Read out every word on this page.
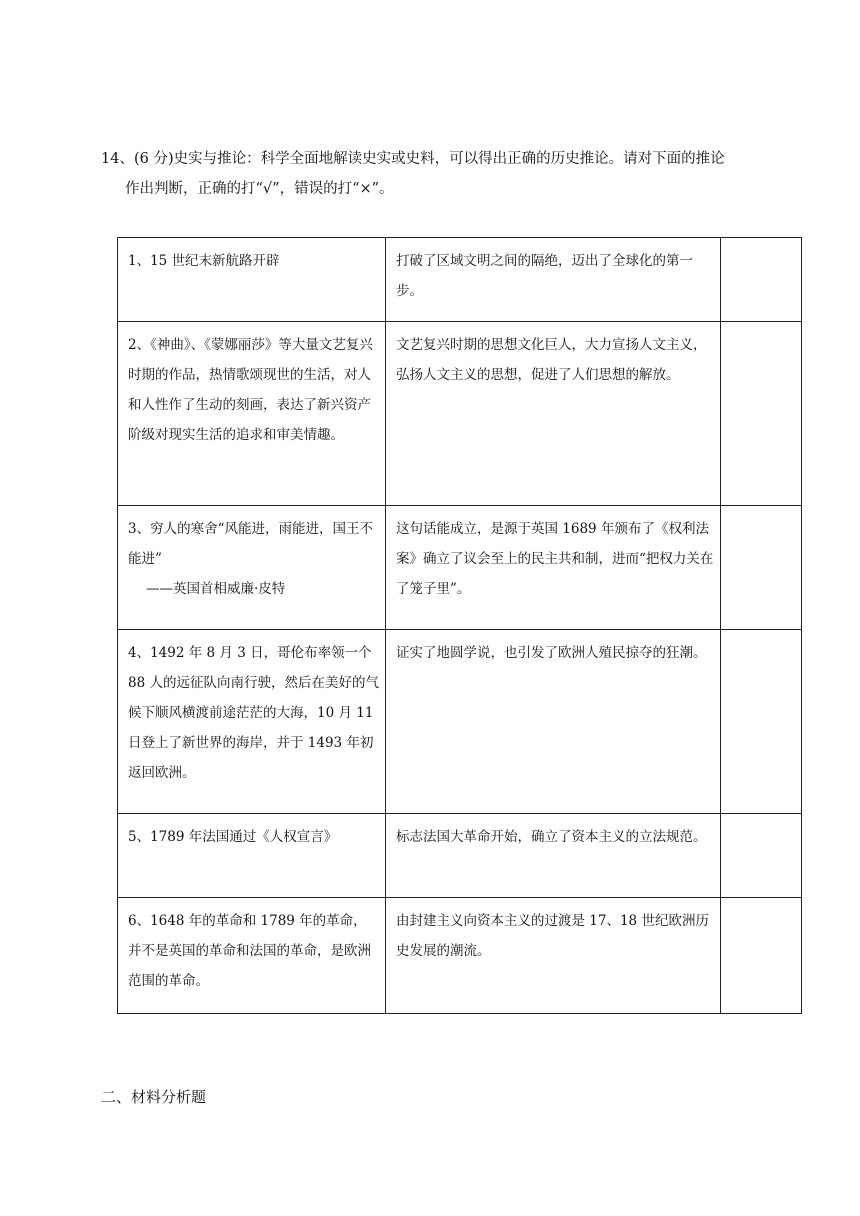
14、(6 分)史实与推论：科学全面地解读史实或史料，可以得出正确的历史推论。请对下面的推论
作出判断，正确的打“√”，错误的打“×”。
1、15 世纪末新航路开辟	打破了区域文明之间的隔绝，迈出了全球化的第一步。	
2、《神曲》、《蒙娜丽莎》等大量文艺复兴时期的作品，热情歌颂现世的生活，对人和人性作了生动的刻画，表达了新兴资产阶级对现实生活的追求和审美情趣。	文艺复兴时期的思想文化巨人，大力宣扬人文主义，弘扬人文主义的思想，促进了人们思想的解放。	
3、穷人的寒舍“风能进，雨能进，国王不能进”
——英国首相威廉·皮特	这句话能成立，是源于英国 1689 年颁布了《权利法案》确立了议会至上的民主共和制，进而“把权力关在了笼子里”。	
4、1492 年 8 月 3 日，哥伦布率领一个 88 人的远征队向南行驶，然后在美好的气候下顺风横渡前途茫茫的大海，10 月 11 日登上了新世界的海岸，并于 1493 年初返回欧洲。	证实了地圆学说，也引发了欧洲人殖民掠夺的狂潮。	
5、1789 年法国通过《人权宣言》	标志法国大革命开始，确立了资本主义的立法规范。	
6、1648 年的革命和 1789 年的革命，并不是英国的革命和法国的革命，是欧洲范围的革命。	由封建主义向资本主义的过渡是 17、18 世纪欧洲历史发展的潮流。	
二、材料分析题
